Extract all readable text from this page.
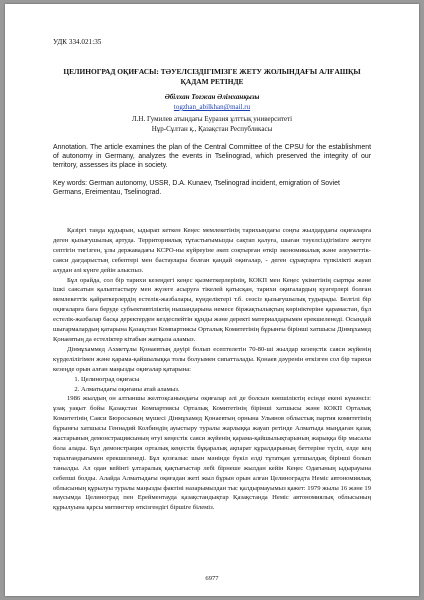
УДК 334.021:35
ЦЕЛИНОГРАД ОҚИҒАСЫ: ТӘУЕЛСІЗДІГІМІЗГЕ ЖЕТУ ЖОЛЫНДАҒЫ АЛҒАШҚЫ ҚАДАМ РЕТІНДЕ
Әбілхан Тоғжан Әлімханқызы
togzhan_abilkhan@mail.ru
Л.Н. Гумилев атындағы Еуразия ұлттық университеті
Нұр-Сұлтан қ., Қазақстан Республикасы
Annotation. The article examines the plan of the Central Committee of the CPSU for the establishment of autonomy in Germany, analyzes the events in Tselinograd, which preserved the integrity of our territory, assesses its place in society.
Key words: German autonomy, USSR, D.A. Kunaev, Tselinograd incident, emigration of Soviet Germans, Ereimentau, Tselinograd.

Қазіргі таңда құдырын, ыдырап кеткен Кеңес мемлекетінің тарихындағы соңғы жылдардағы оқиғаларға деген қызығушылық артуда. Территориялық тұтастығымызды сақтап қалуға, шыған тәуелсіздігімізге жетуге септігін тигізген, ұлы державадағы КСРО-ны күйреуіне әкеп соқтырған өткір экономикалық және әлеуметтік-саяси дағдарыстың себептері мен бастаулары болған қандай оқиғалар, - деген сұрақтарға түпкілікті жауап алудан әлі күнге дейін алыспыз.

Бұл орайда, сол бір тарихи кезеңдегі кеңес қызметкерлерінің, КОКП мен Кеңес үкіметінің сыртқы және ішкі саясатын қалыптастыру мен жүзеге асыруға тікелей қатысқан, тарихи оқиғалардың куәгерлері болған мемлекеттік қайраткерлердің естелік-жазбалары, күнделіктері т.б. сөзсіз қызығушылық тудырады. Белгілі бір оқиғаларға баға беруде субъективтіліктің нышандарына немесе біржақтылықтың көрініктеріне қарамастан, бұл естелік-жазбалар басқа деректерден кездеспейтін құнды және деректі материалдарымен ерекшеленеді. Осындай шығармалардың қатарына Қазақстан Компартиясы Орталық Комитетінің бұрынғы бірінші хатшысы Дінмұхамед Қонаевтың да естеліктер кітабын жатқыза аламыз.

Дінмұхаммед Ахметұлы Қонаевтың дәуірі болып есептелетін 70-80-ші жылдар кезеңстік саяси жүйенің күрделілігімен және қарама-қайшылыққа толы болуымен сипатталады. Қонаев дәуренін өткізген сол бір тарихи кезеңде орын алған маңызды оқиғалар қатарына:

1. Целиноград оқиғасы
2. Алматыдағы оқиғаны атай аламыз.

1986 жылдың он алтыншы желтоқсанындағы оқиғалар әлі де болсын көпшіліктің есінде екені күмәнсіз: ұзақ уақыт бойы Қазақстан Компартиясы Орталық Комитетінің бірінші хатшысы және КОКП Орталық Комитетінің Саяси Бюросының мүшесі Дінмұхамед Қонаевтың орнына Ульянов облыстық партия комитетінің бұрынғы хатшысы Геннадий Колбиндің ауыстыру туралы жарлыққа жауап ретінде Алматыда мыңдаған қазақ жастарының демонстрациясының өтуі кеңестік саяси жүйенің қарама-қайшылықтарының жарыққа бір мысалы бола алады. Бұл демонстрация орталық кеңестік бұқаралық ақпарат құралдарының беттеріне түсіп, елде кең таралғандығымен ерекшеленеді. Бұл қозғалыс шын мәнінде бүкіл елді тұтатқан ұлтшылдық бірінші болып танылды. Ал одан кейінгі ұлтаралық қақтығыстар лебі бірнеше жылдан кейін Кеңес Одағының ыдырауына себепші болды. Алайда Алматыдағы оқиғадан жеті жыл бұрын орын алған Целиноградта Неміс автономиялық облысының құрылуы туралы маңызды фактіні назарымыздан тыс қалдырмауымыз қажет: 1979 жылы 16 және 19 маусымда Целиноград пен Ерейментауда қазақстандықтар Қазақстанда Неміс автономиялық облысының құрылуына қарсы митингтер өткізгендігі біршіге білеміз.

6977
